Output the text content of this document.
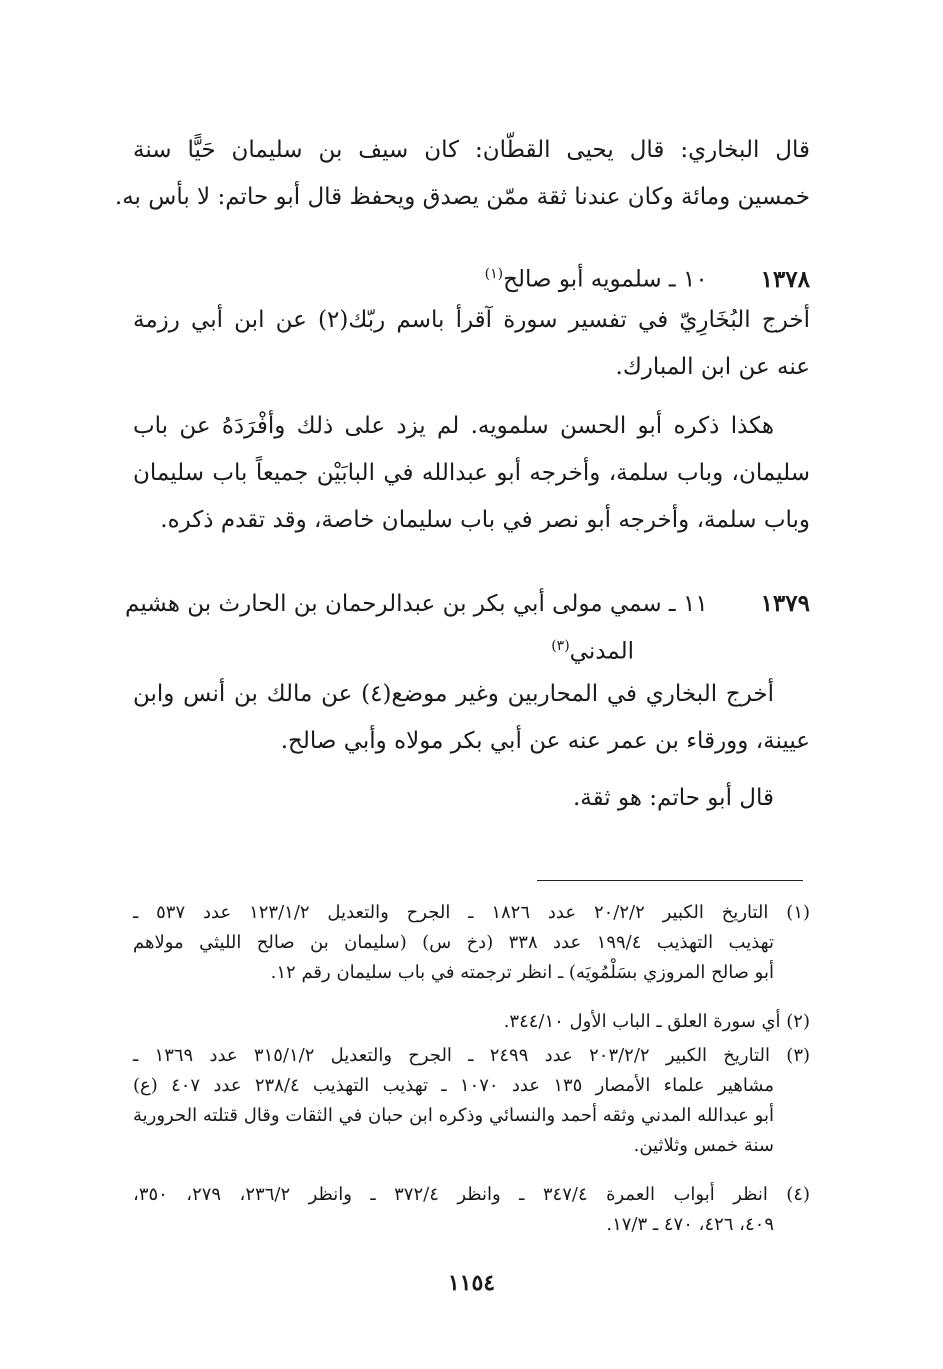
قال البخاري: قال يحيى القطّان: كان سيف بن سليمان حَيًّا سنة
خمسين ومائة وكان عندنا ثقة ممّن يصدق ويحفظ قال أبو حاتم: لا بأس به.
١٣٧٨ ١٠ ـ سلمويه أبو صالح$^{(١)}$
أخرج البُخَارِيّ في تفسير سورة آقرأ باسم ربّك(٢) عن ابن أبي رزمة
عنه عن ابن المبارك.
هكذا ذكره أبو الحسن سلمويه. لم يزد على ذلك وأفْرَدَهُ عن باب
سليمان، وباب سلمة، وأخرجه أبو عبدالله في البابَيْن جميعاً باب سليمان
وباب سلمة، وأخرجه أبو نصر في باب سليمان خاصة، وقد تقدم ذكره.
١٣٧٩ ١١ ـ سمي مولى أبي بكر بن عبدالرحمان بن الحارث بن هشيم
المدني$^{(٣)}$
أخرج البخاري في المحاربين وغير موضع(٤) عن مالك بن أنس وابن
عيينة، وورقاء بن عمر عنه عن أبي بكر مولاه وأبي صالح.
قال أبو حاتم: هو ثقة.
(١) التاريخ الكبير ٢٠/٢/٢ عدد ١٨٢٦ ـ الجرح والتعديل ١٢٣/١/٢ عدد ٥٣٧ ـ
تهذيب التهذيب ١٩٩/٤ عدد ٣٣٨ (دخ س) (سليمان بن صالح الليثي مولاهم
أبو صالح المروزي بسَلْمُويَه) ـ انظر ترجمته في باب سليمان رقم ١٢.
(٢) أي سورة العلق ـ الباب الأول ٣٤٤/١٠.
(٣) التاريخ الكبير ٢٠٣/٢/٢ عدد ٢٤٩٩ ـ الجرح والتعديل ٣١٥/١/٢ عدد ١٣٦٩ ـ
مشاهير علماء الأمصار ١٣٥ عدد ١٠٧٠ ـ تهذيب التهذيب ٢٣٨/٤ عدد ٤٠٧ (ع)
أبو عبدالله المدني وثقه أحمد والنسائي وذكره ابن حبان في الثقات وقال قتلته الحرورية
سنة خمس وثلاثين.
(٤) انظر أبواب العمرة ٣٤٧/٤ ـ وانظر ٣٧٢/٤ ـ وانظر ٢٣٦/٢، ٢٧٩، ٣٥٠،
٤٠٩، ٤٢٦، ٤٧٠ ـ ١٧/٣.
١١٥٤
